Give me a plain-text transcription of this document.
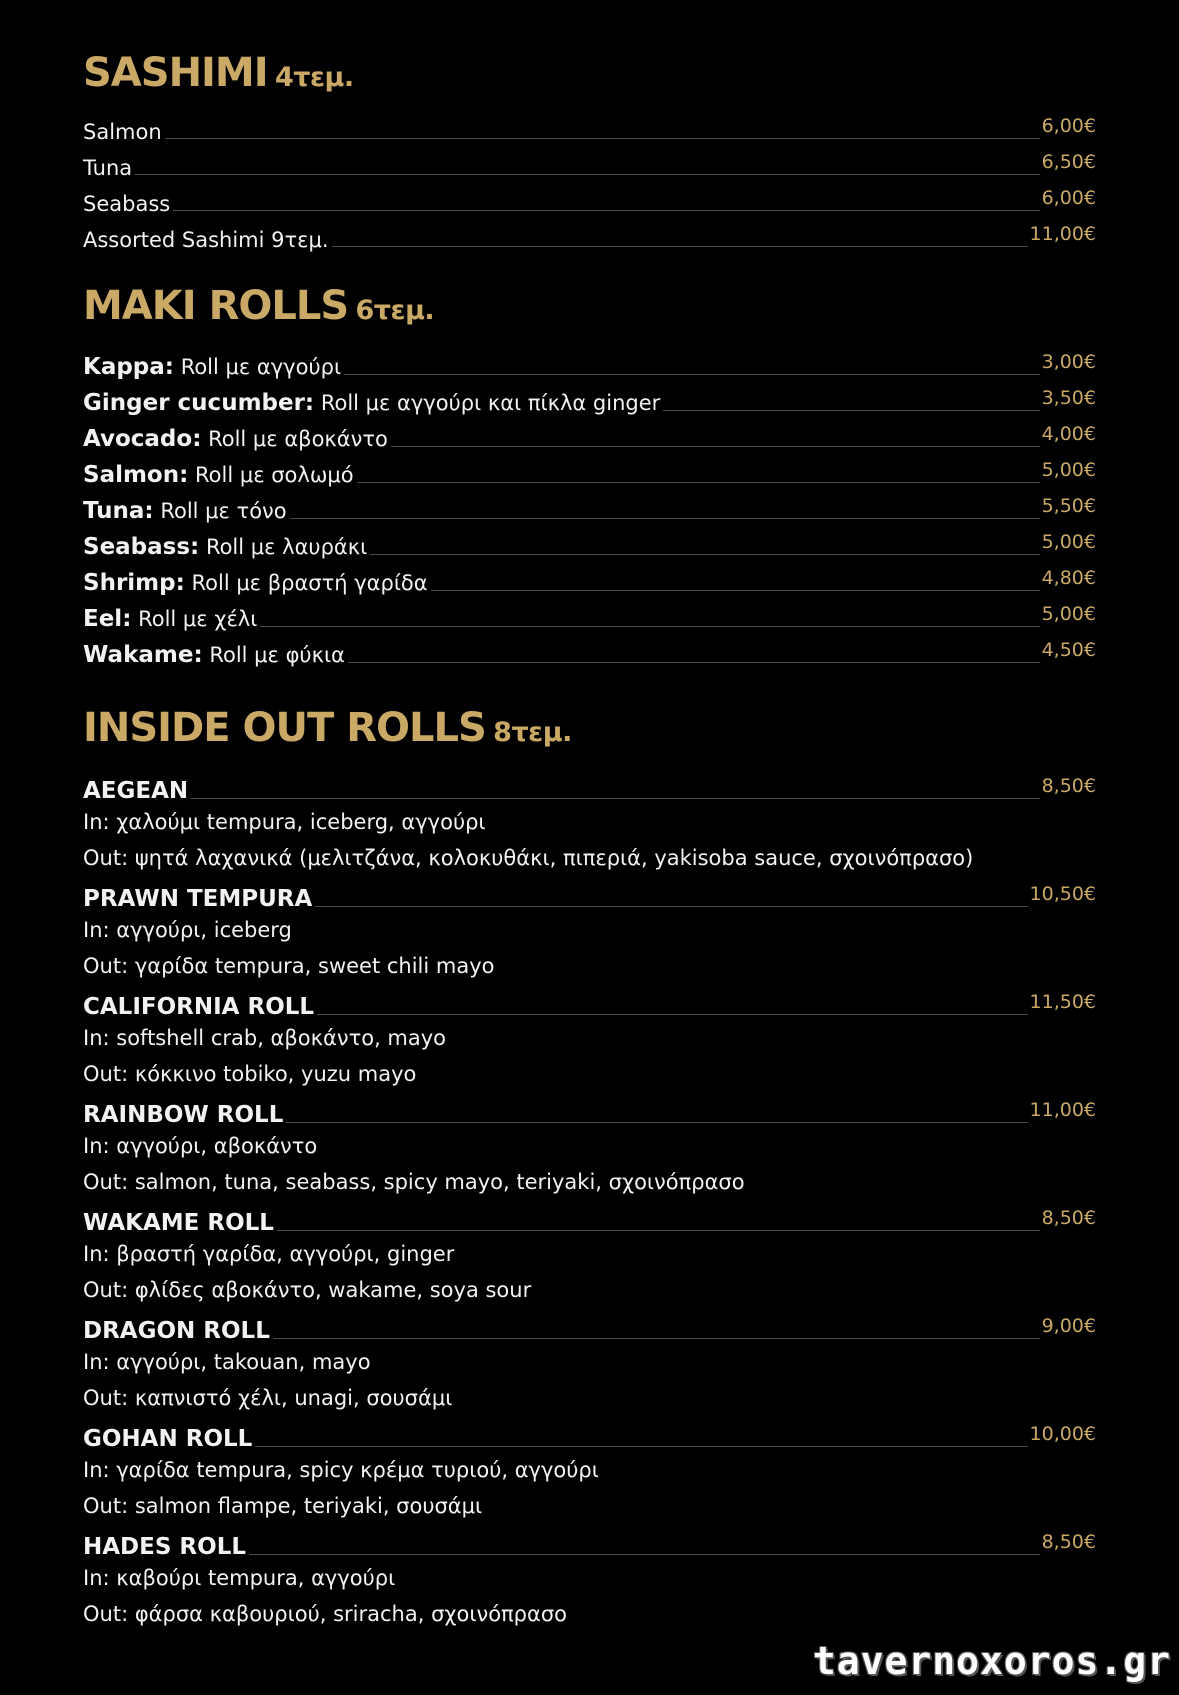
SASHIMI 4τεμ.
Salmon	6,00€
Tuna	6,50€
Seabass	6,00€
Assorted Sashimi 9τεμ.	11,00€
MAKI ROLLS 6τεμ.
Kappa: Roll με αγγούρι	3,00€
Ginger cucumber: Roll με αγγούρι και πίκλα ginger	3,50€
Avocado: Roll με αβοκάντο	4,00€
Salmon: Roll με σολωμό	5,00€
Tuna: Roll με τόνο	5,50€
Seabass: Roll με λαυράκι	5,00€
Shrimp: Roll με βραστή γαρίδα	4,80€
Eel: Roll με χέλι	5,00€
Wakame: Roll με φύκια	4,50€
INSIDE OUT ROLLS 8τεμ.
AEGEAN	8,50€
In: χαλούμι tempura, iceberg, αγγούρι
Out: ψητά λαχανικά (μελιτζάνα, κολοκυθάκι, πιπεριά, yakisoba sauce, σχοινόπρασο)
PRAWN TEMPURA	10,50€
In: αγγούρι, iceberg
Out: γαρίδα tempura, sweet chili mayo
CALIFORNIA ROLL	11,50€
In: softshell crab, αβοκάντο, mayo
Out: κόκκινο tobiko, yuzu mayo
RAINBOW ROLL	11,00€
In: αγγούρι, αβοκάντο
Out: salmon, tuna, seabass, spicy mayo, teriyaki, σχοινόπρασο
WAKAME ROLL	8,50€
In: βραστή γαρίδα, αγγούρι, ginger
Out: φλίδες αβοκάντο, wakame, soya sour
DRAGON ROLL	9,00€
In: αγγούρι, takouan, mayo
Out: καπνιστό χέλι, unagi, σουσάμι
GOHAN ROLL	10,00€
In: γαρίδα tempura, spicy κρέμα τυριού, αγγούρι
Out: salmon flampe, teriyaki, σουσάμι
HADES ROLL	8,50€
In: καβούρι tempura, αγγούρι
Out: φάρσα καβουριού, sriracha, σχοινόπρασο
tavernoxoros.gr
